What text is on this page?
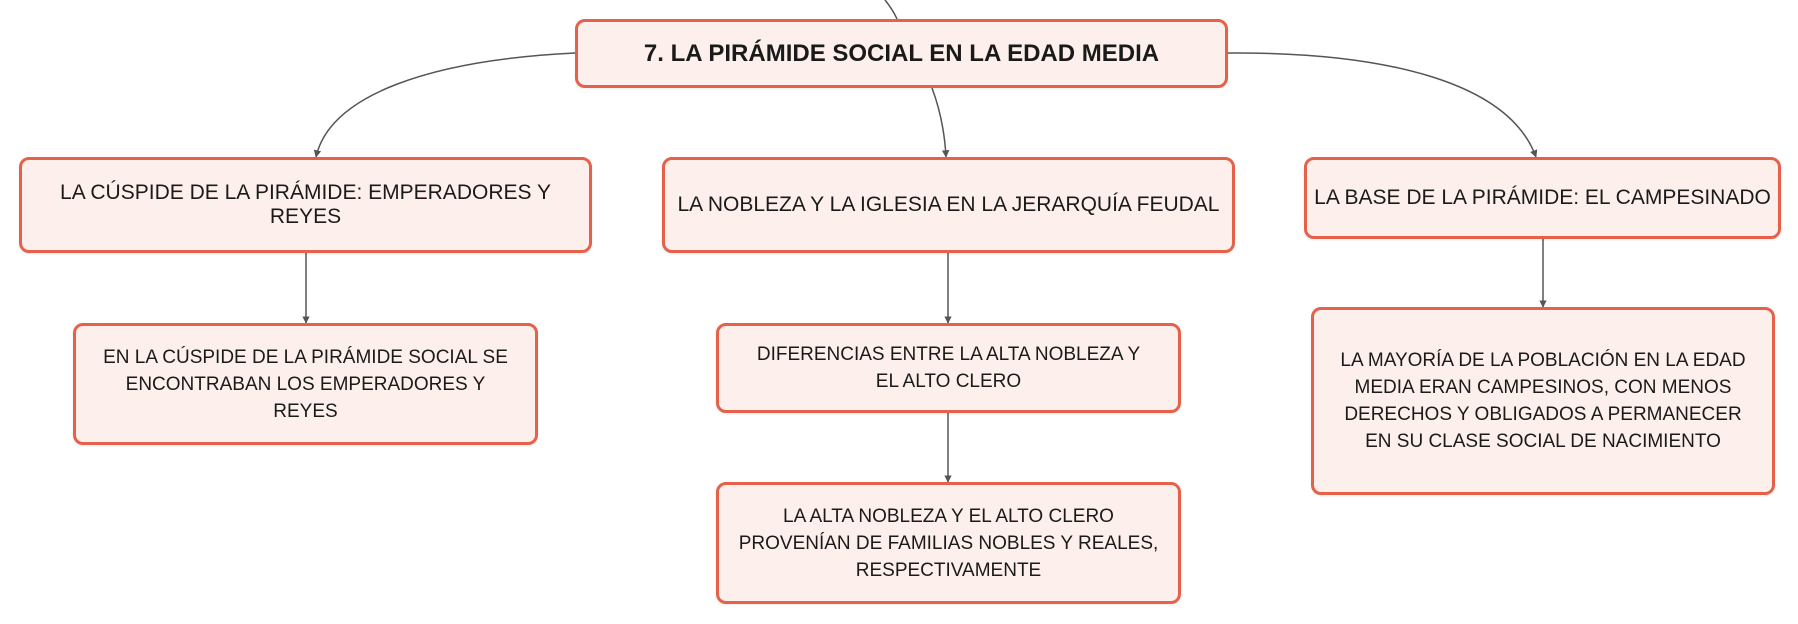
7. LA PIRÁMIDE SOCIAL EN LA EDAD MEDIA
LA CÚSPIDE DE LA PIRÁMIDE: EMPERADORES Y REYES
LA NOBLEZA Y LA IGLESIA EN LA JERARQUÍA FEUDAL	LA BASE DE LA PIRÁMIDE: EL CAMPESINADO
EN LA CÚSPIDE DE LA PIRÁMIDE SOCIAL SE ENCONTRABAN LOS EMPERADORES Y REYES
DIFERENCIAS ENTRE LA ALTA NOBLEZA Y EL ALTO CLERO
LA ALTA NOBLEZA Y EL ALTO CLERO PROVENÍAN DE FAMILIAS NOBLES Y REALES, RESPECTIVAMENTE
LA MAYORÍA DE LA POBLACIÓN EN LA EDAD MEDIA ERAN CAMPESINOS, CON MENOS DERECHOS Y OBLIGADOS A PERMANECER EN SU CLASE SOCIAL DE NACIMIENTO
